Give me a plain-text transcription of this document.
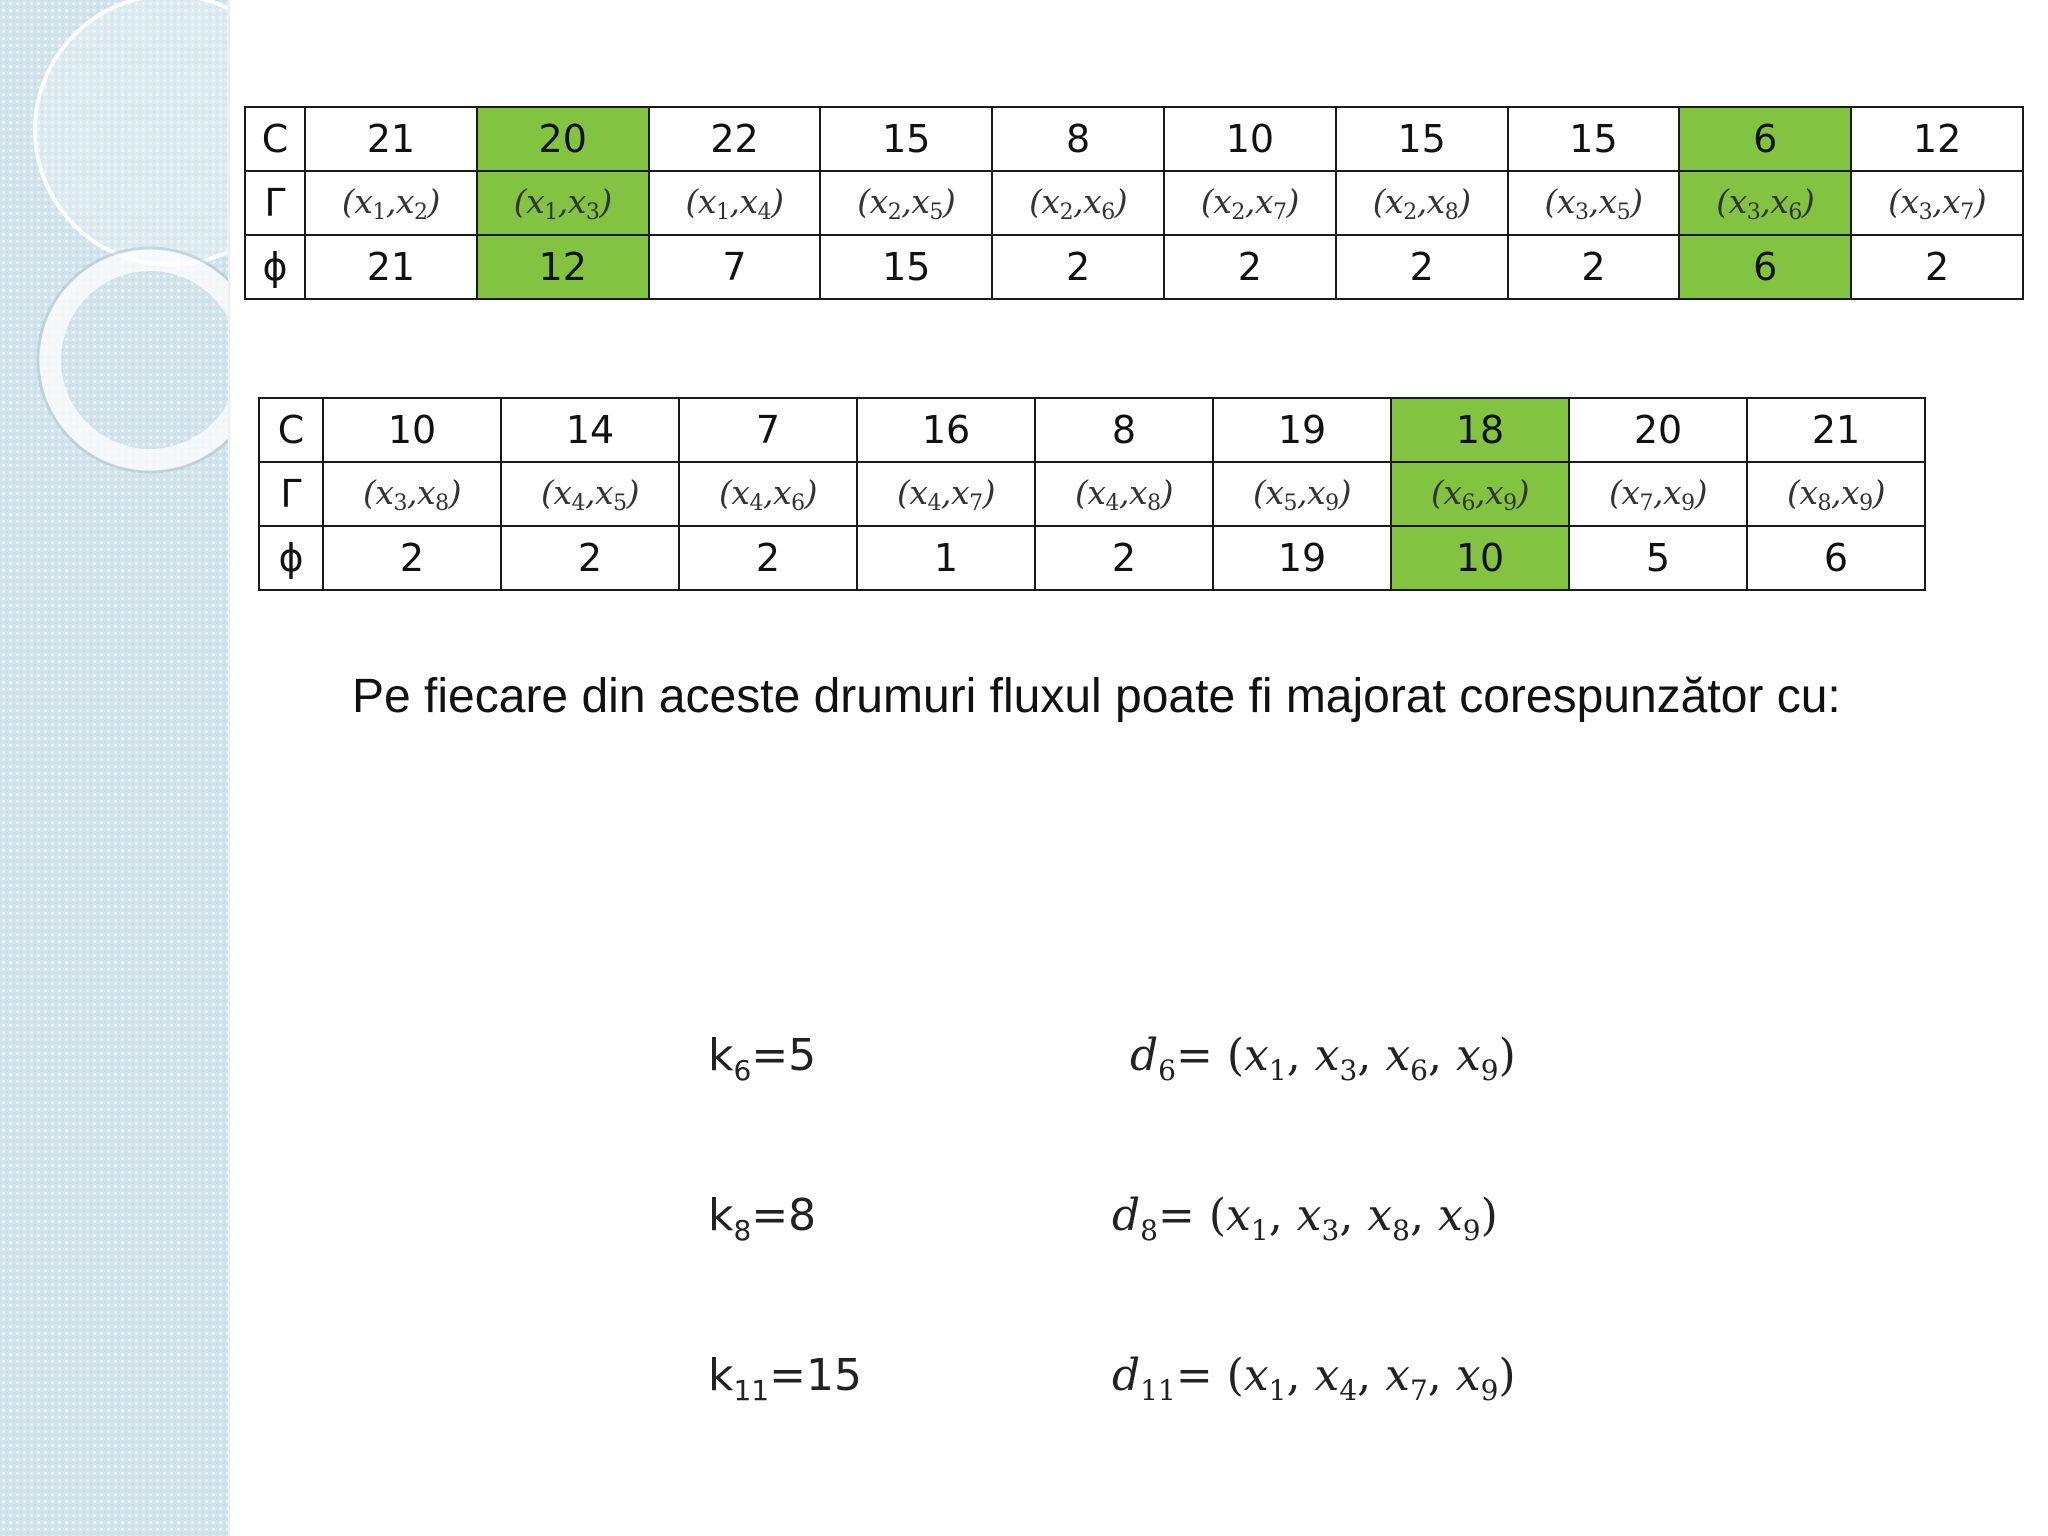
C	21	20	22	15	8	10	15	15	6	12
Γ	$(x_1,x_2)$	$(x_1,x_3)$	$(x_1,x_4)$	$(x_2,x_5)$	$(x_2,x_6)$	$(x_2,x_7)$	$(x_2,x_8)$	$(x_3,x_5)$	$(x_3,x_6)$	$(x_3,x_7)$
ϕ	21	12	7	15	2	2	2	2	6	2
C	10	14	7	16	8	19	18	20	21
Γ	$(x_3,x_8)$	$(x_4,x_5)$	$(x_4,x_6)$	$(x_4,x_7)$	$(x_4,x_8)$	$(x_5,x_9)$	$(x_6,x_9)$	$(x_7,x_9)$	$(x_8,x_9)$
ϕ	2	2	2	1	2	19	10	5	6
Pe fiecare din aceste drumuri fluxul poate fi majorat corespunzător cu:
$k_6=5$	$d_6= (x_1$, $x_3$, $x_6$, $x_9$)
$k_8=8$	$d_8= (x_1$, $x_3$, $x_8$, $x_9$)
$k_{11}=15$	$d_{11}= (x_1$, $x_4$, $x_7$, $x_9$)
